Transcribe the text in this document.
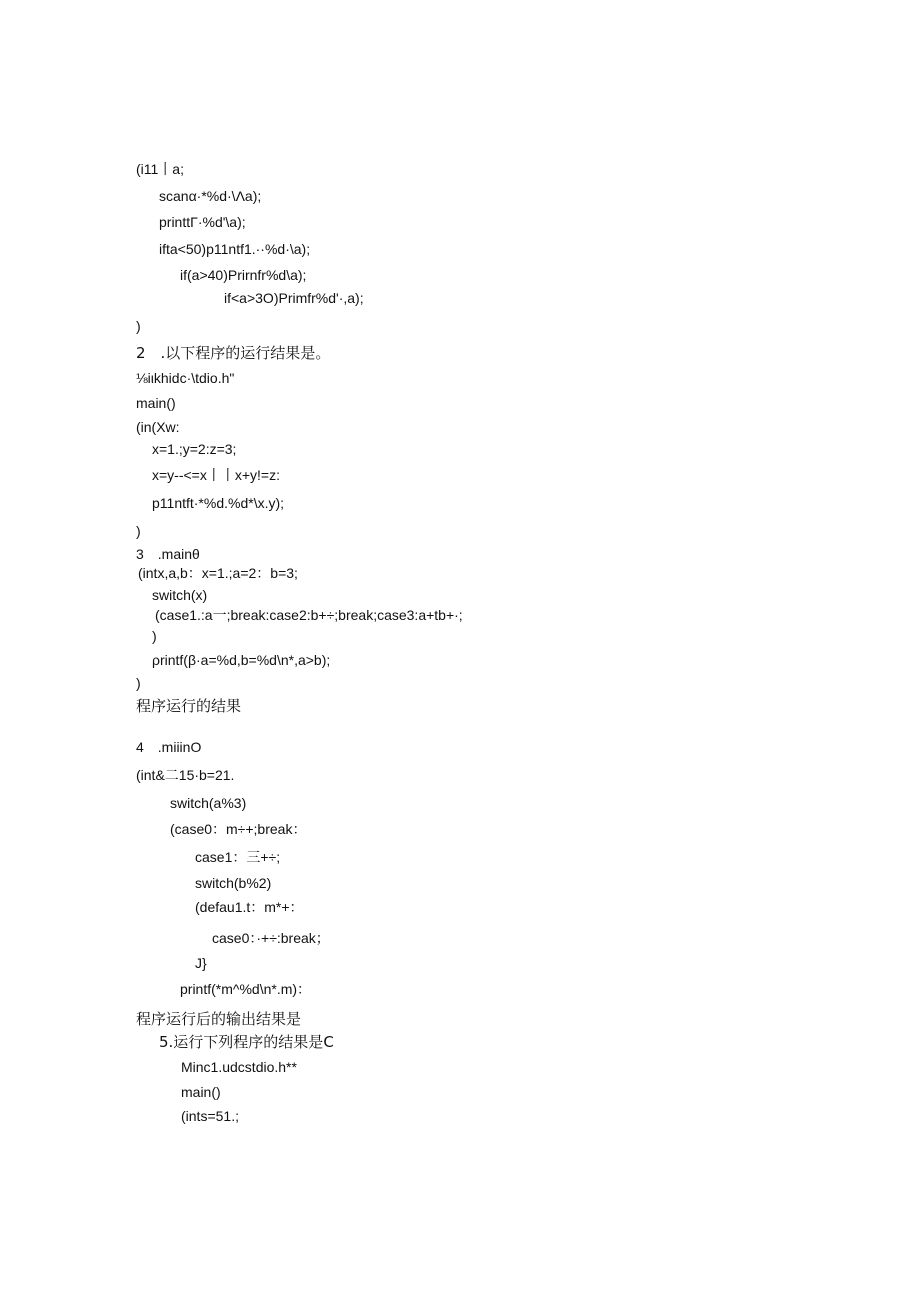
(i11丨a;
scanα·*%d·\Λa);
printtΓ·%d'\a);
ifta<50)p11ntf1.··%d·\a);
if(a>40)Prirnfr%d\a);
if<a>3O)Primfr%d'·,a);
)
2　.以下程序的运行结果是。
⅛iιkhidc·\tdio.h"
main()
(in(Xw:
x=1.;y=2:z=3;
x=y--<=x丨丨x+y!=z:
p11ntft·*%d.%d*\x.y);
)
3　.mainθ
(intx,a,b：x=1.;a=2：b=3;
switch(x)
(case1.:a一;break:case2:b+÷;break;case3:a+tb+·;
)
ρrintf(β·a=%d,b=%d\n*,a>b);
)
程序运行的结果
4　.miiinO
(int&二15·b=21.
switch(a%3)
(case0：m÷+;break：
case1：三+÷;
switch(b%2)
(defau1.t：m*+：
case0：·+÷:break；
J}
printf(*m^%d\n*.m)：
程序运行后的输出结果是
5.运行下列程序的结果是C
Minc1.udcstdio.h**
main()
(ints=51.;
